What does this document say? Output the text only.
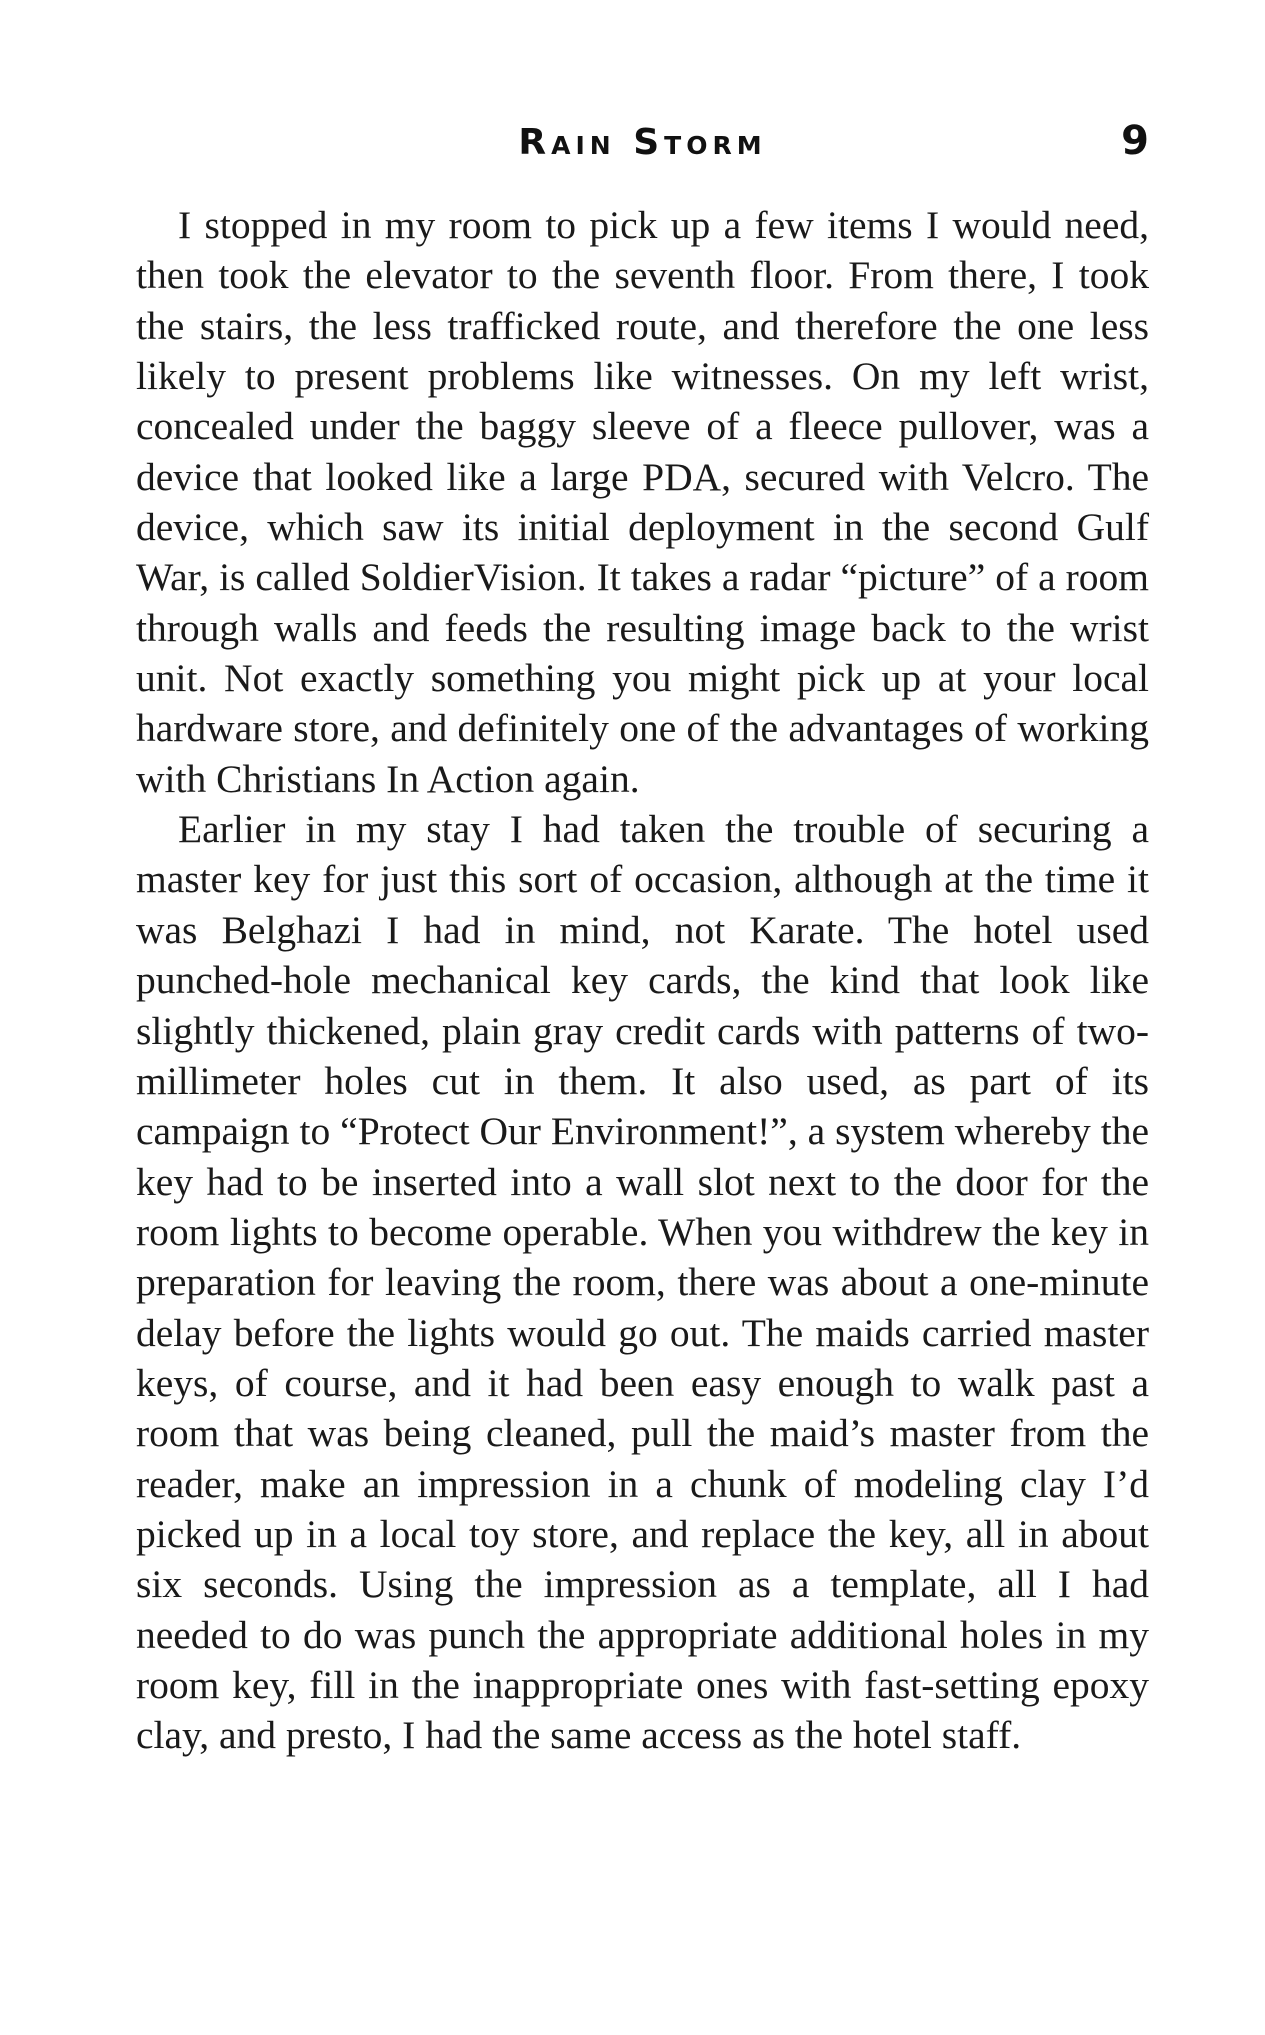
Rain Storm	9

I stopped in my room to pick up a few items I would need, then took the elevator to the seventh floor. From there, I took the stairs, the less trafficked route, and therefore the one less likely to present problems like witnesses. On my left wrist, concealed under the baggy sleeve of a fleece pullover, was a device that looked like a large PDA, secured with Velcro. The device, which saw its initial deployment in the second Gulf War, is called SoldierVision. It takes a radar “picture” of a room through walls and feeds the resulting image back to the wrist unit. Not exactly something you might pick up at your local hardware store, and definitely one of the advantages of working with Christians In Action again.

Earlier in my stay I had taken the trouble of securing a master key for just this sort of occasion, although at the time it was Belghazi I had in mind, not Karate. The hotel used punched-hole mechanical key cards, the kind that look like slightly thickened, plain gray credit cards with patterns of two-millimeter holes cut in them. It also used, as part of its campaign to “Protect Our Environment!”, a system whereby the key had to be inserted into a wall slot next to the door for the room lights to become operable. When you withdrew the key in preparation for leaving the room, there was about a one-minute delay before the lights would go out. The maids carried master keys, of course, and it had been easy enough to walk past a room that was being cleaned, pull the maid’s master from the reader, make an impression in a chunk of modeling clay I’d picked up in a local toy store, and replace the key, all in about six seconds. Using the impression as a template, all I had needed to do was punch the appropriate additional holes in my room key, fill in the inappropriate ones with fast-setting epoxy clay, and presto, I had the same access as the hotel staff.
